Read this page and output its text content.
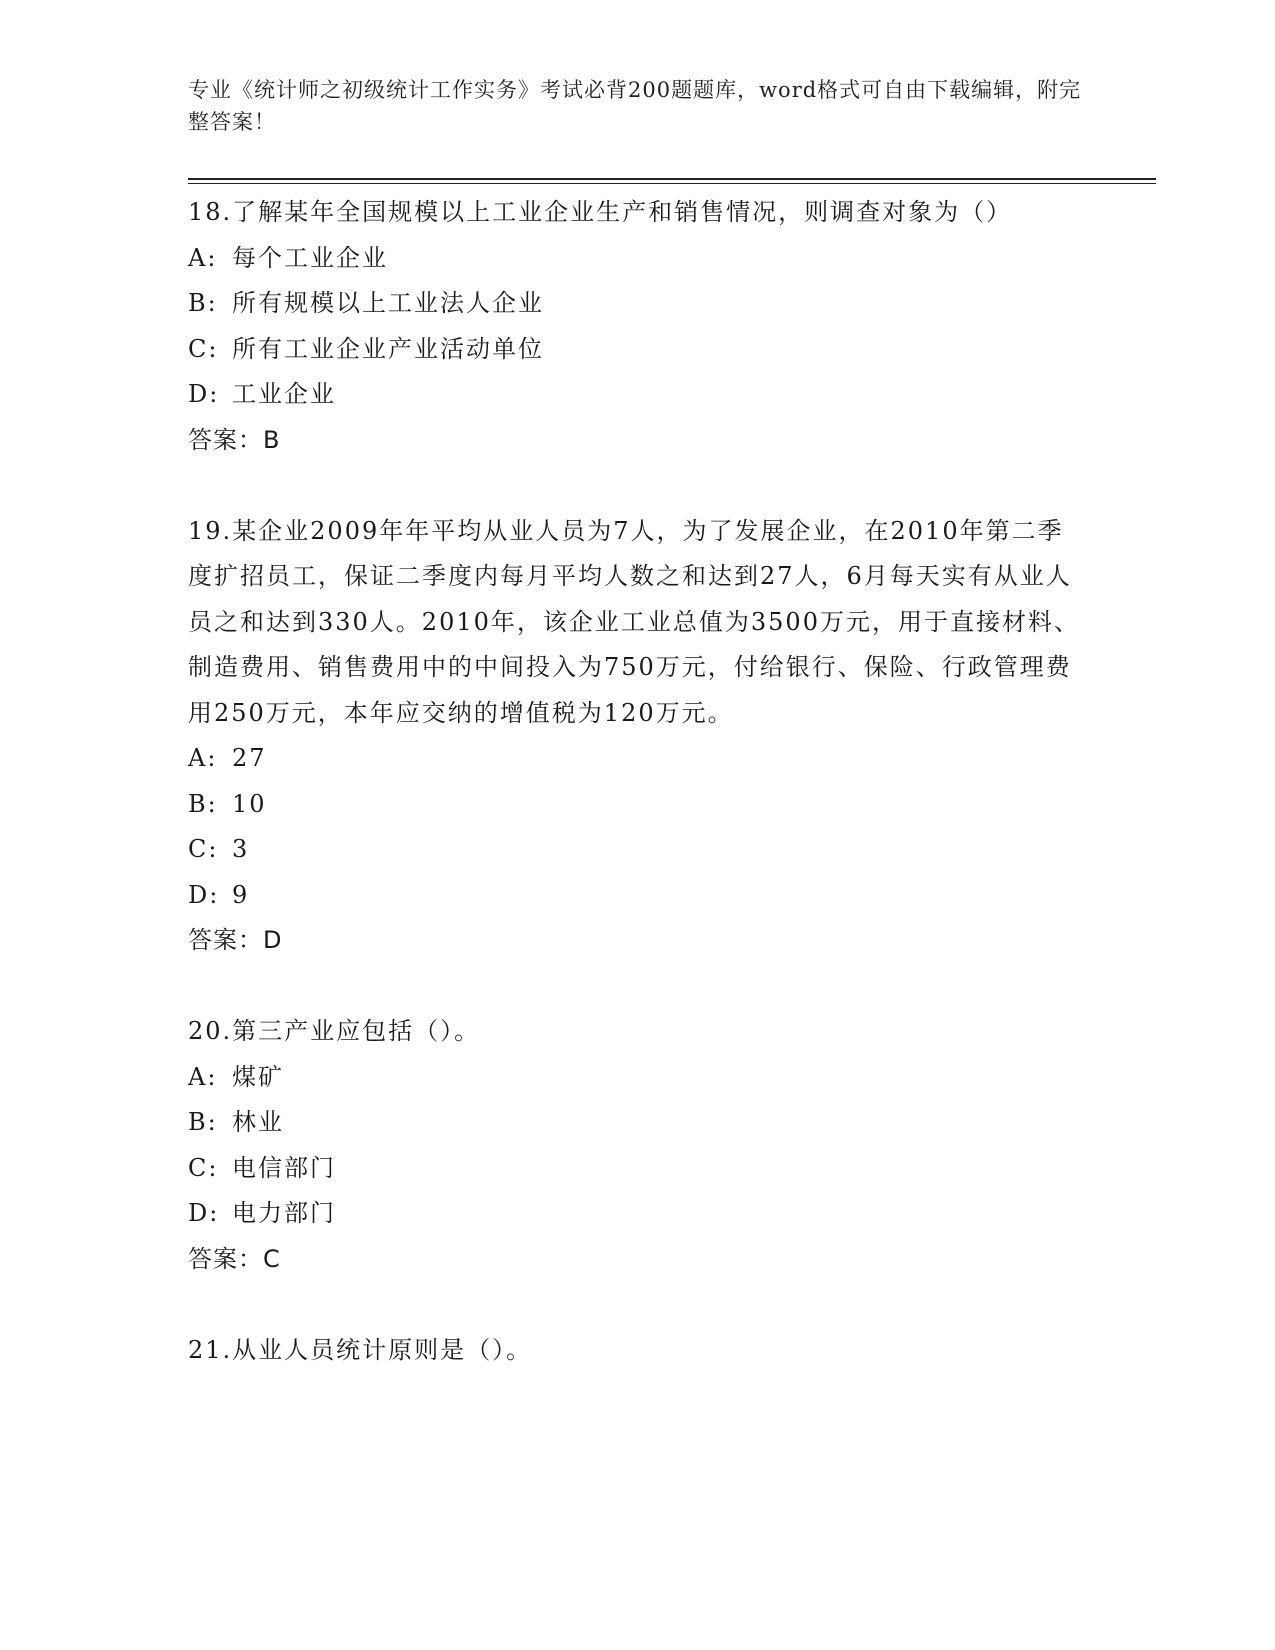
专业《统计师之初级统计工作实务》考试必背200题题库，word格式可自由下载编辑，附完整答案！

18.了解某年全国规模以上工业企业生产和销售情况，则调查对象为（）

A: 每个工业企业
B: 所有规模以上工业法人企业
C: 所有工业企业产业活动单位
D: 工业企业

答案：B

19.某企业2009年年平均从业人员为7人，为了发展企业，在2010年第二季度扩招员工，保证二季度内每月平均人数之和达到27人，6月每天实有从业人员之和达到330人。2010年，该企业工业总值为3500万元，用于直接材料、制造费用、销售费用中的中间投入为750万元，付给银行、保险、行政管理费用250万元，本年应交纳的增值税为120万元。

A: 27
B: 10
C: 3
D: 9

答案：D

20.第三产业应包括（）。

A: 煤矿
B: 林业
C: 电信部门
D: 电力部门

答案：C

21.从业人员统计原则是（）。
